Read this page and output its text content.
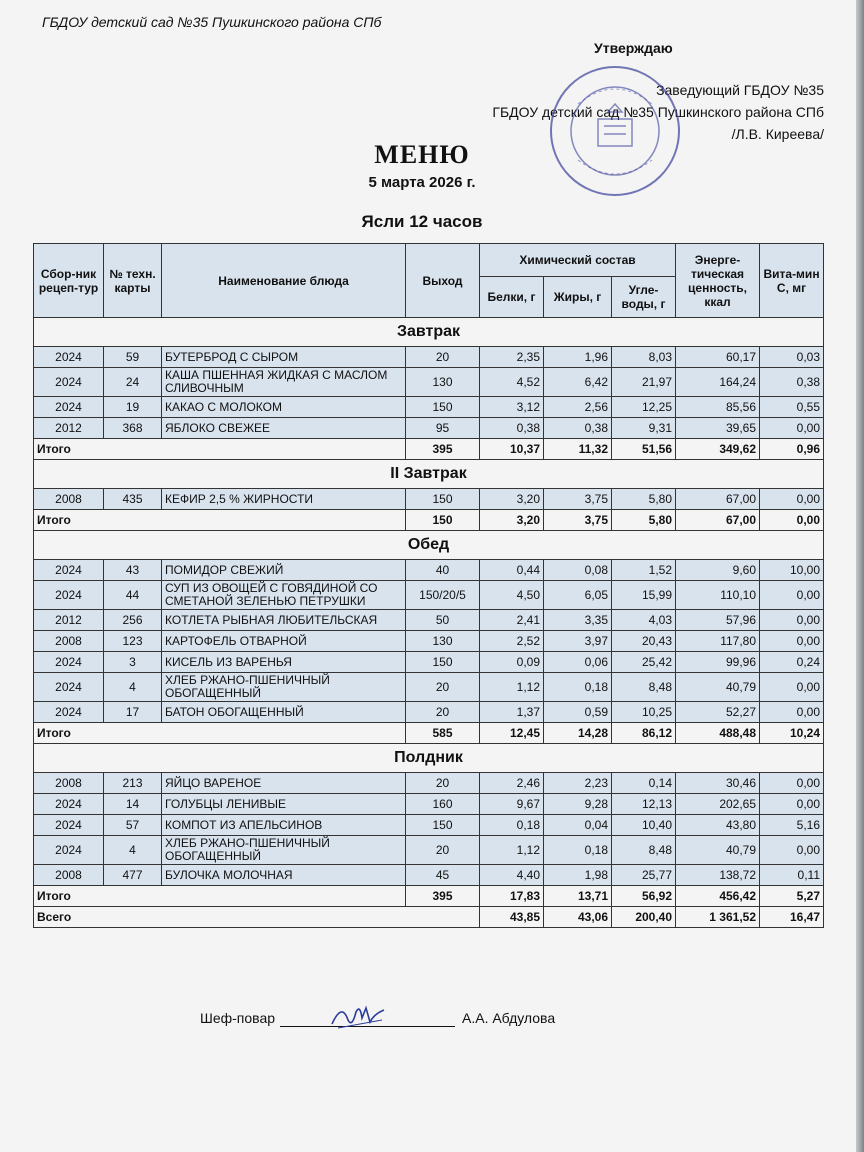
ГБДОУ детский сад №35 Пушкинского района СПб
Утверждаю
Заведующий ГБДОУ №35
ГБДОУ детский сад №35 Пушкинского района СПб
/Л.В. Киреева/
МЕНЮ
5 марта 2026 г.
Ясли 12 часов
Сбор-ник рецеп-тур	№ техн. карты	Наименование блюда	Выход	Химический состав			Энерге-тическая ценность, ккал	Вита-мин С, мг
				Белки, г	Жиры, г	Угле-воды, г		
Завтрак								
2024	59	БУТЕРБРОД С СЫРОМ	20	2,35	1,96	8,03	60,17	0,03
2024	24	КАША ПШЕННАЯ ЖИДКАЯ С МАСЛОМ СЛИВОЧНЫМ	130	4,52	6,42	21,97	164,24	0,38
2024	19	КАКАО С МОЛОКОМ	150	3,12	2,56	12,25	85,56	0,55
2012	368	ЯБЛОКО СВЕЖЕЕ	95	0,38	0,38	9,31	39,65	0,00
Итого			395	10,37	11,32	51,56	349,62	0,96
II Завтрак								
2008	435	КЕФИР 2,5 % ЖИРНОСТИ	150	3,20	3,75	5,80	67,00	0,00
Итого			150	3,20	3,75	5,80	67,00	0,00
Обед								
2024	43	ПОМИДОР СВЕЖИЙ	40	0,44	0,08	1,52	9,60	10,00
2024	44	СУП ИЗ ОВОЩЕЙ С ГОВЯДИНОЙ СО СМЕТАНОЙ ЗЕЛЕНЬЮ ПЕТРУШКИ	150/20/5	4,50	6,05	15,99	110,10	0,00
2012	256	КОТЛЕТА РЫБНАЯ ЛЮБИТЕЛЬСКАЯ	50	2,41	3,35	4,03	57,96	0,00
2008	123	КАРТОФЕЛЬ ОТВАРНОЙ	130	2,52	3,97	20,43	117,80	0,00
2024	3	КИСЕЛЬ ИЗ ВАРЕНЬЯ	150	0,09	0,06	25,42	99,96	0,24
2024	4	ХЛЕБ РЖАНО-ПШЕНИЧНЫЙ ОБОГАЩЕННЫЙ	20	1,12	0,18	8,48	40,79	0,00
2024	17	БАТОН ОБОГАЩЕННЫЙ	20	1,37	0,59	10,25	52,27	0,00
Итого			585	12,45	14,28	86,12	488,48	10,24
Полдник								
2008	213	ЯЙЦО ВАРЕНОЕ	20	2,46	2,23	0,14	30,46	0,00
2024	14	ГОЛУБЦЫ ЛЕНИВЫЕ	160	9,67	9,28	12,13	202,65	0,00
2024	57	КОМПОТ ИЗ АПЕЛЬСИНОВ	150	0,18	0,04	10,40	43,80	5,16
2024	4	ХЛЕБ РЖАНО-ПШЕНИЧНЫЙ ОБОГАЩЕННЫЙ	20	1,12	0,18	8,48	40,79	0,00
2008	477	БУЛОЧКА МОЛОЧНАЯ	45	4,40	1,98	25,77	138,72	0,11
Итого			395	17,83	13,71	56,92	456,42	5,27
Всего				43,85	43,06	200,40	1 361,52	16,47
Шеф-повар	А.А. Абдулова
